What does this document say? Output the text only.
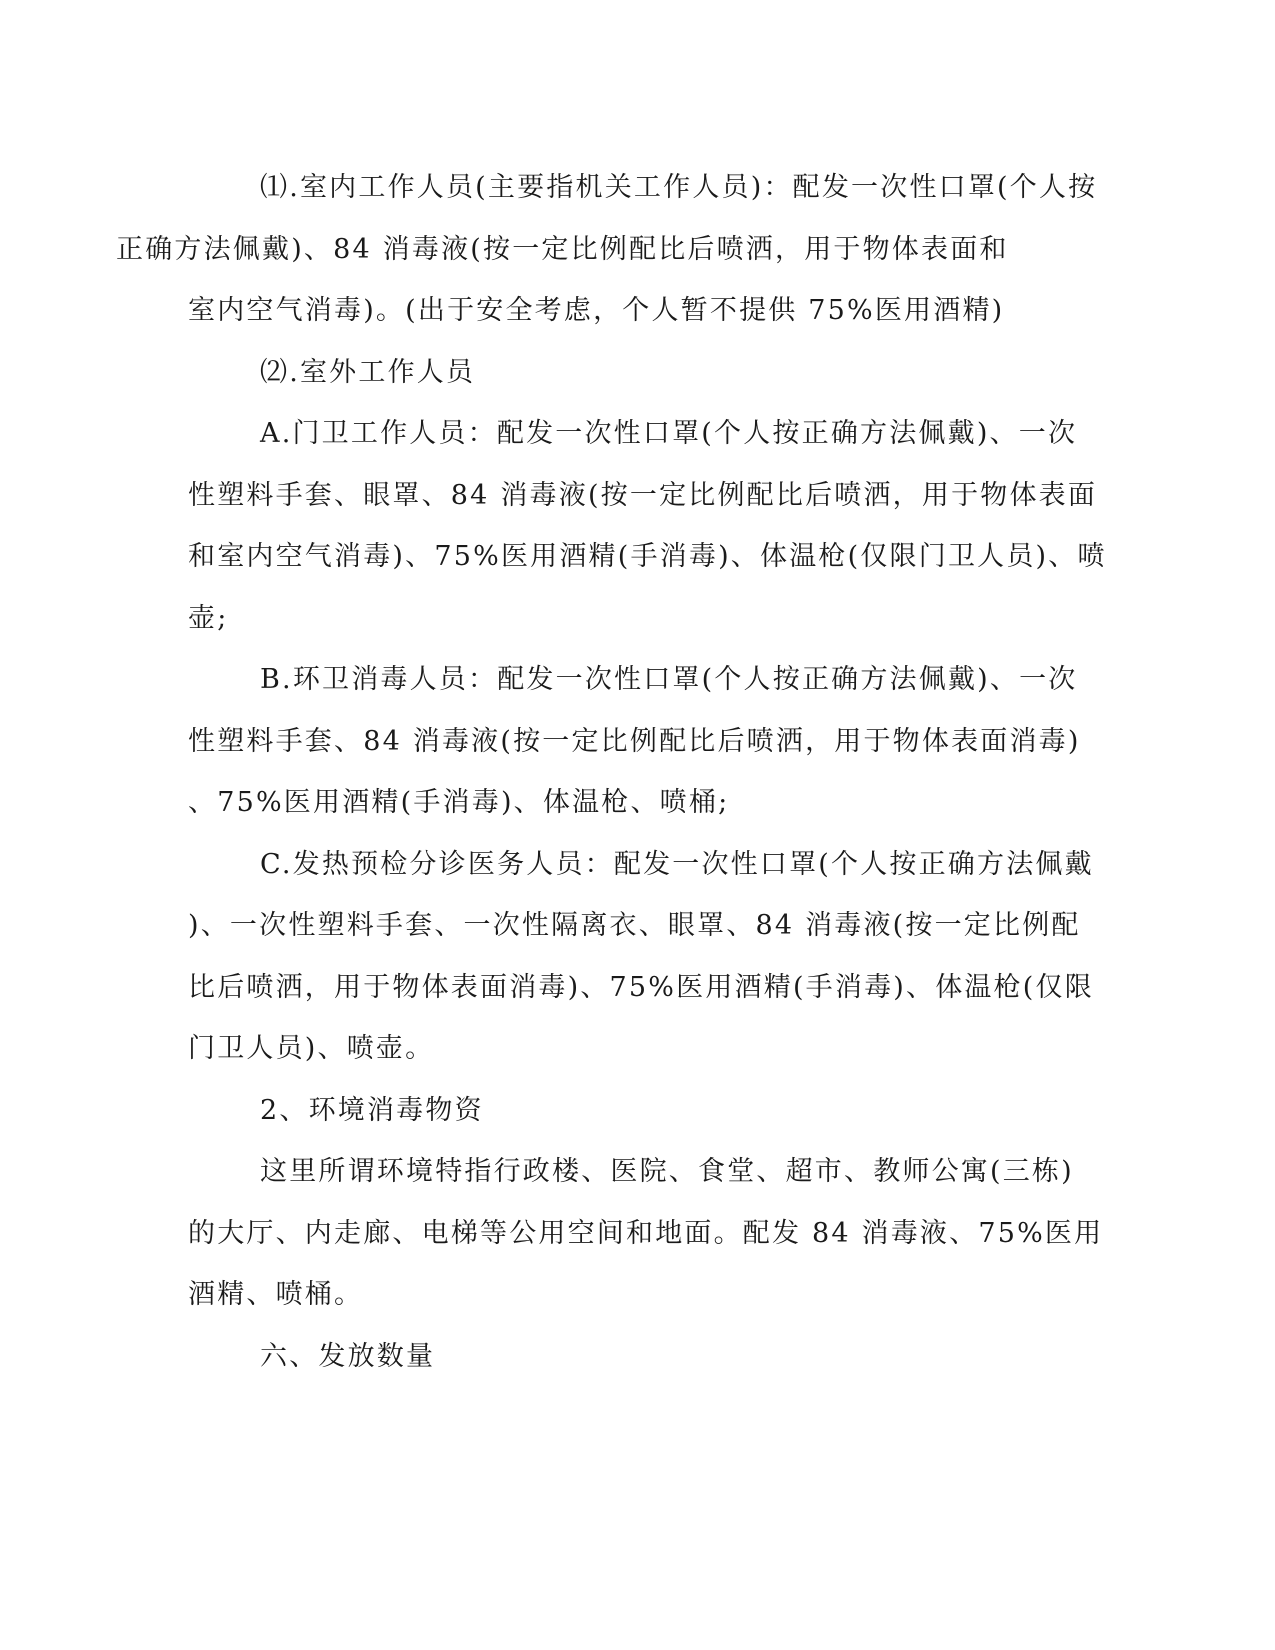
⑴.室内工作人员(主要指机关工作人员)：配发一次性口罩(个人按
正确方法佩戴)、84 消毒液(按一定比例配比后喷洒，用于物体表面和
室内空气消毒)。(出于安全考虑，个人暂不提供 75%医用酒精)

⑵.室外工作人员

A.门卫工作人员：配发一次性口罩(个人按正确方法佩戴)、一次
性塑料手套、眼罩、84 消毒液(按一定比例配比后喷洒，用于物体表面
和室内空气消毒)、75%医用酒精(手消毒)、体温枪(仅限门卫人员)、喷
壶;

B.环卫消毒人员：配发一次性口罩(个人按正确方法佩戴)、一次
性塑料手套、84 消毒液(按一定比例配比后喷洒，用于物体表面消毒)
、75%医用酒精(手消毒)、体温枪、喷桶;

C.发热预检分诊医务人员：配发一次性口罩(个人按正确方法佩戴
)、一次性塑料手套、一次性隔离衣、眼罩、84 消毒液(按一定比例配
比后喷洒，用于物体表面消毒)、75%医用酒精(手消毒)、体温枪(仅限
门卫人员)、喷壶。

2、环境消毒物资

这里所谓环境特指行政楼、医院、食堂、超市、教师公寓(三栋)
的大厅、内走廊、电梯等公用空间和地面。配发 84 消毒液、75%医用
酒精、喷桶。

六、发放数量
